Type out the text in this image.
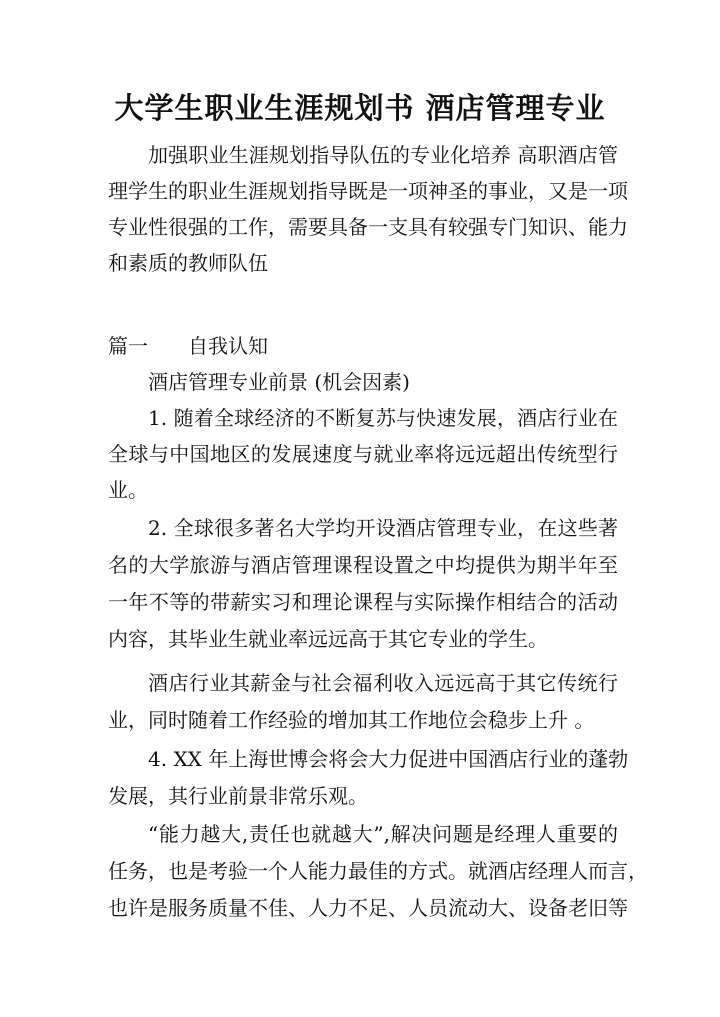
大学生职业生涯规划书 酒店管理专业
加强职业生涯规划指导队伍的专业化培养 高职酒店管
理学生的职业生涯规划指导既是一项神圣的事业，又是一项
专业性很强的工作，需要具备一支具有较强专门知识、能力
和素质的教师队伍
篇一 自我认知
酒店管理专业前景 (机会因素)
1. 随着全球经济的不断复苏与快速发展，酒店行业在
全球与中国地区的发展速度与就业率将远远超出传统型行
业。
2. 全球很多著名大学均开设酒店管理专业，在这些著
名的大学旅游与酒店管理课程设置之中均提供为期半年至
一年不等的带薪实习和理论课程与实际操作相结合的活动
内容，其毕业生就业率远远高于其它专业的学生。
酒店行业其薪金与社会福利收入远远高于其它传统行
业，同时随着工作经验的增加其工作地位会稳步上升 。
4. XX 年上海世博会将会大力促进中国酒店行业的蓬勃
发展，其行业前景非常乐观。
“能力越大,责任也就越大”,解决问题是经理人重要的
任务，也是考验一个人能力最佳的方式。就酒店经理人而言，
也许是服务质量不佳、人力不足、人员流动大、设备老旧等
